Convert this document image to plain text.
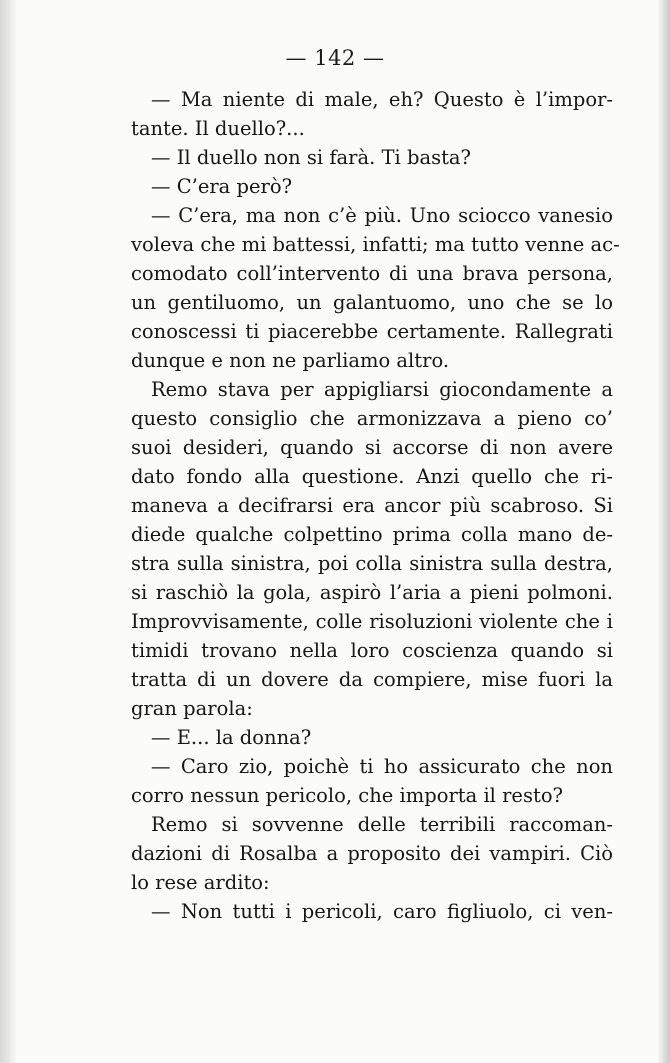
— 142 —
— Ma niente di male, eh? Questo è l’impor-
tante. Il duello?...
— Il duello non si farà. Ti basta?
— C’era però?
— C’era, ma non c’è più. Uno sciocco vanesio
voleva che mi battessi, infatti; ma tutto venne ac-
comodato coll’intervento di una brava persona,
un gentiluomo, un galantuomo, uno che se lo
conoscessi ti piacerebbe certamente. Rallegrati
dunque e non ne parliamo altro.
Remo stava per appigliarsi giocondamente a
questo consiglio che armonizzava a pieno co’
suoi desideri, quando si accorse di non avere
dato fondo alla questione. Anzi quello che ri-
maneva a decifrarsi era ancor più scabroso. Si
diede qualche colpettino prima colla mano de-
stra sulla sinistra, poi colla sinistra sulla destra,
si raschiò la gola, aspirò l’aria a pieni polmoni.
Improvvisamente, colle risoluzioni violente che i
timidi trovano nella loro coscienza quando si
tratta di un dovere da compiere, mise fuori la
gran parola:
— E... la donna?
— Caro zio, poichè ti ho assicurato che non
corro nessun pericolo, che importa il resto?
Remo si sovvenne delle terribili raccoman-
dazioni di Rosalba a proposito dei vampiri. Ciò
lo rese ardito:
— Non tutti i pericoli, caro figliuolo, ci ven-
